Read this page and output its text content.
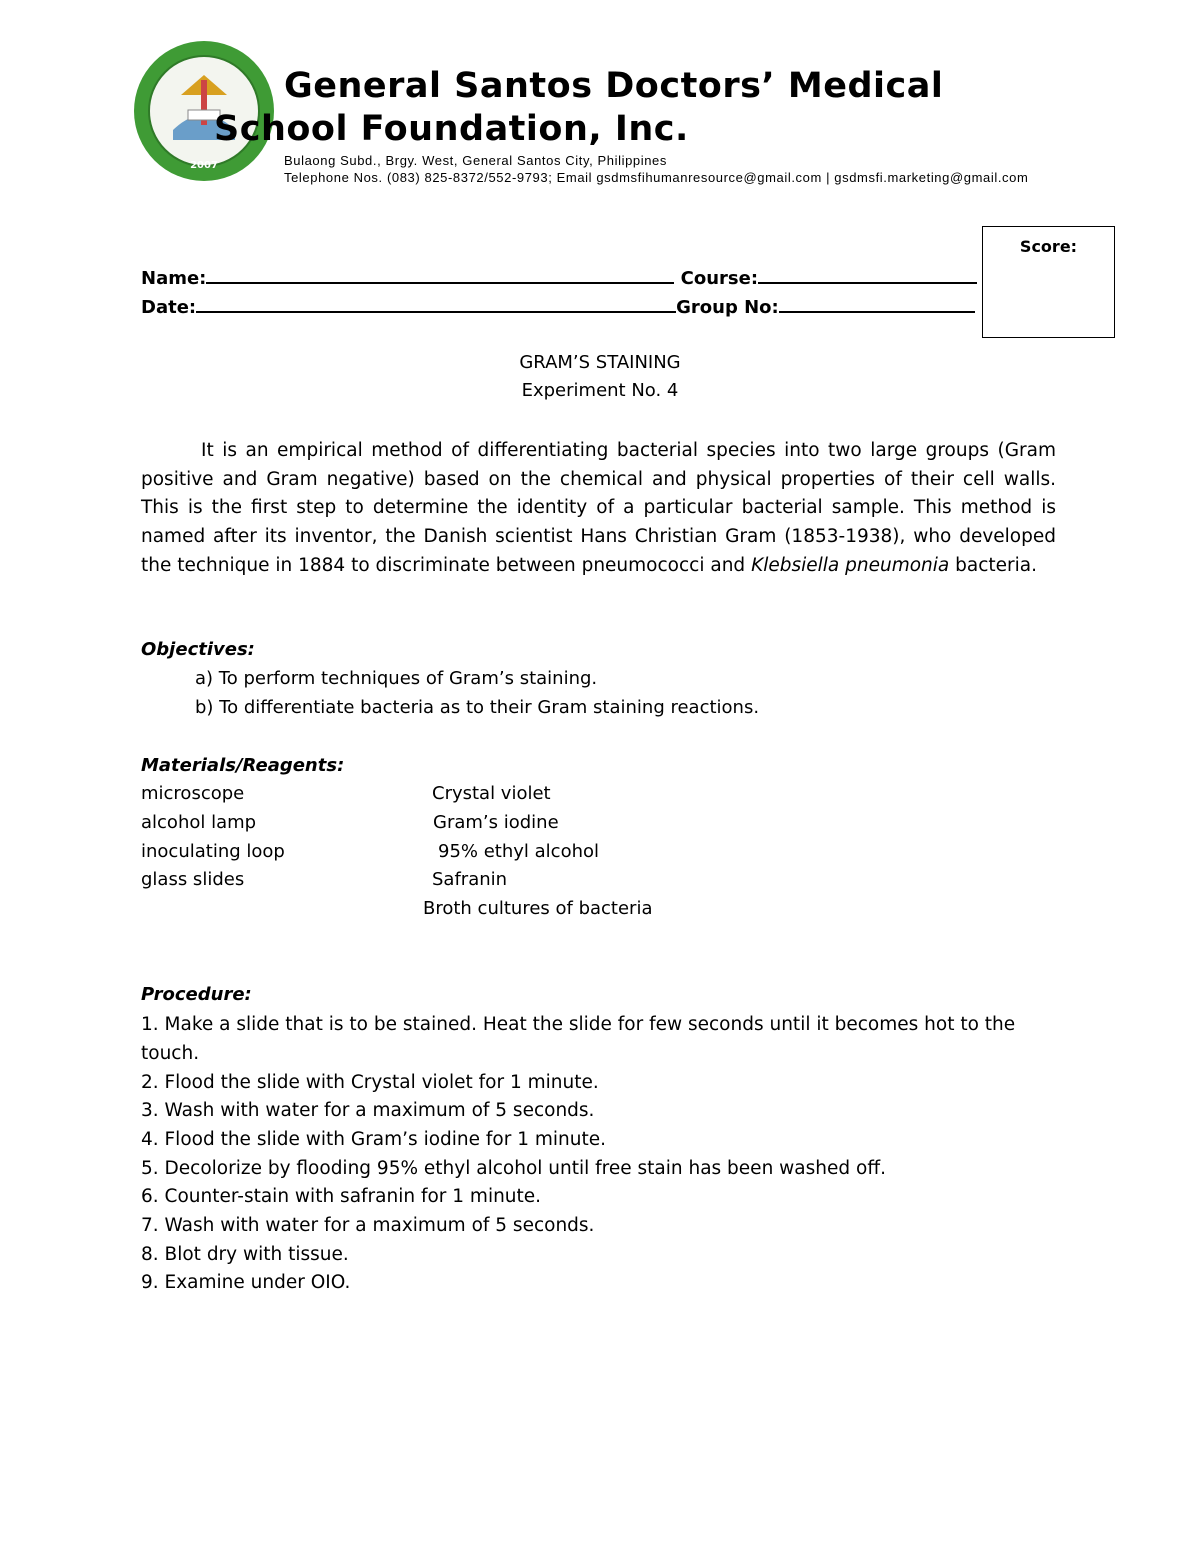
2007
General Santos Doctors’ Medical
School Foundation, Inc.
Bulaong Subd., Brgy. West, General Santos City, Philippines
Telephone Nos. (083) 825-8372/552-9793; Email gsdmsfihumanresource@gmail.com | gsdmsfi.marketing@gmail.com
Score:
Name:	Course:
Date:	Group No:
GRAM’S STAINING
Experiment No. 4
It is an empirical method of differentiating bacterial species into two large groups (Gram positive and Gram negative) based on the chemical and physical properties of their cell walls. This is the first step to determine the identity of a particular bacterial sample. This method is named after its inventor, the Danish scientist Hans Christian Gram (1853-1938), who developed the technique in 1884 to discriminate between pneumococci and Klebsiella pneumonia bacteria.
Objectives:
a) To perform techniques of Gram’s staining.
b) To differentiate bacteria as to their Gram staining reactions.
Materials/Reagents:
microscope
alcohol lamp
inoculating loop
glass slides
Crystal violet
Gram’s iodine
95% ethyl alcohol
Safranin
Broth cultures of bacteria
Procedure:
1. Make a slide that is to be stained. Heat the slide for few seconds until it becomes hot to the touch.
2. Flood the slide with Crystal violet for 1 minute.
3. Wash with water for a maximum of 5 seconds.
4. Flood the slide with Gram’s iodine for 1 minute.
5. Decolorize by flooding 95% ethyl alcohol until free stain has been washed off.
6. Counter-stain with safranin for 1 minute.
7. Wash with water for a maximum of 5 seconds.
8. Blot dry with tissue.
9. Examine under OIO.
